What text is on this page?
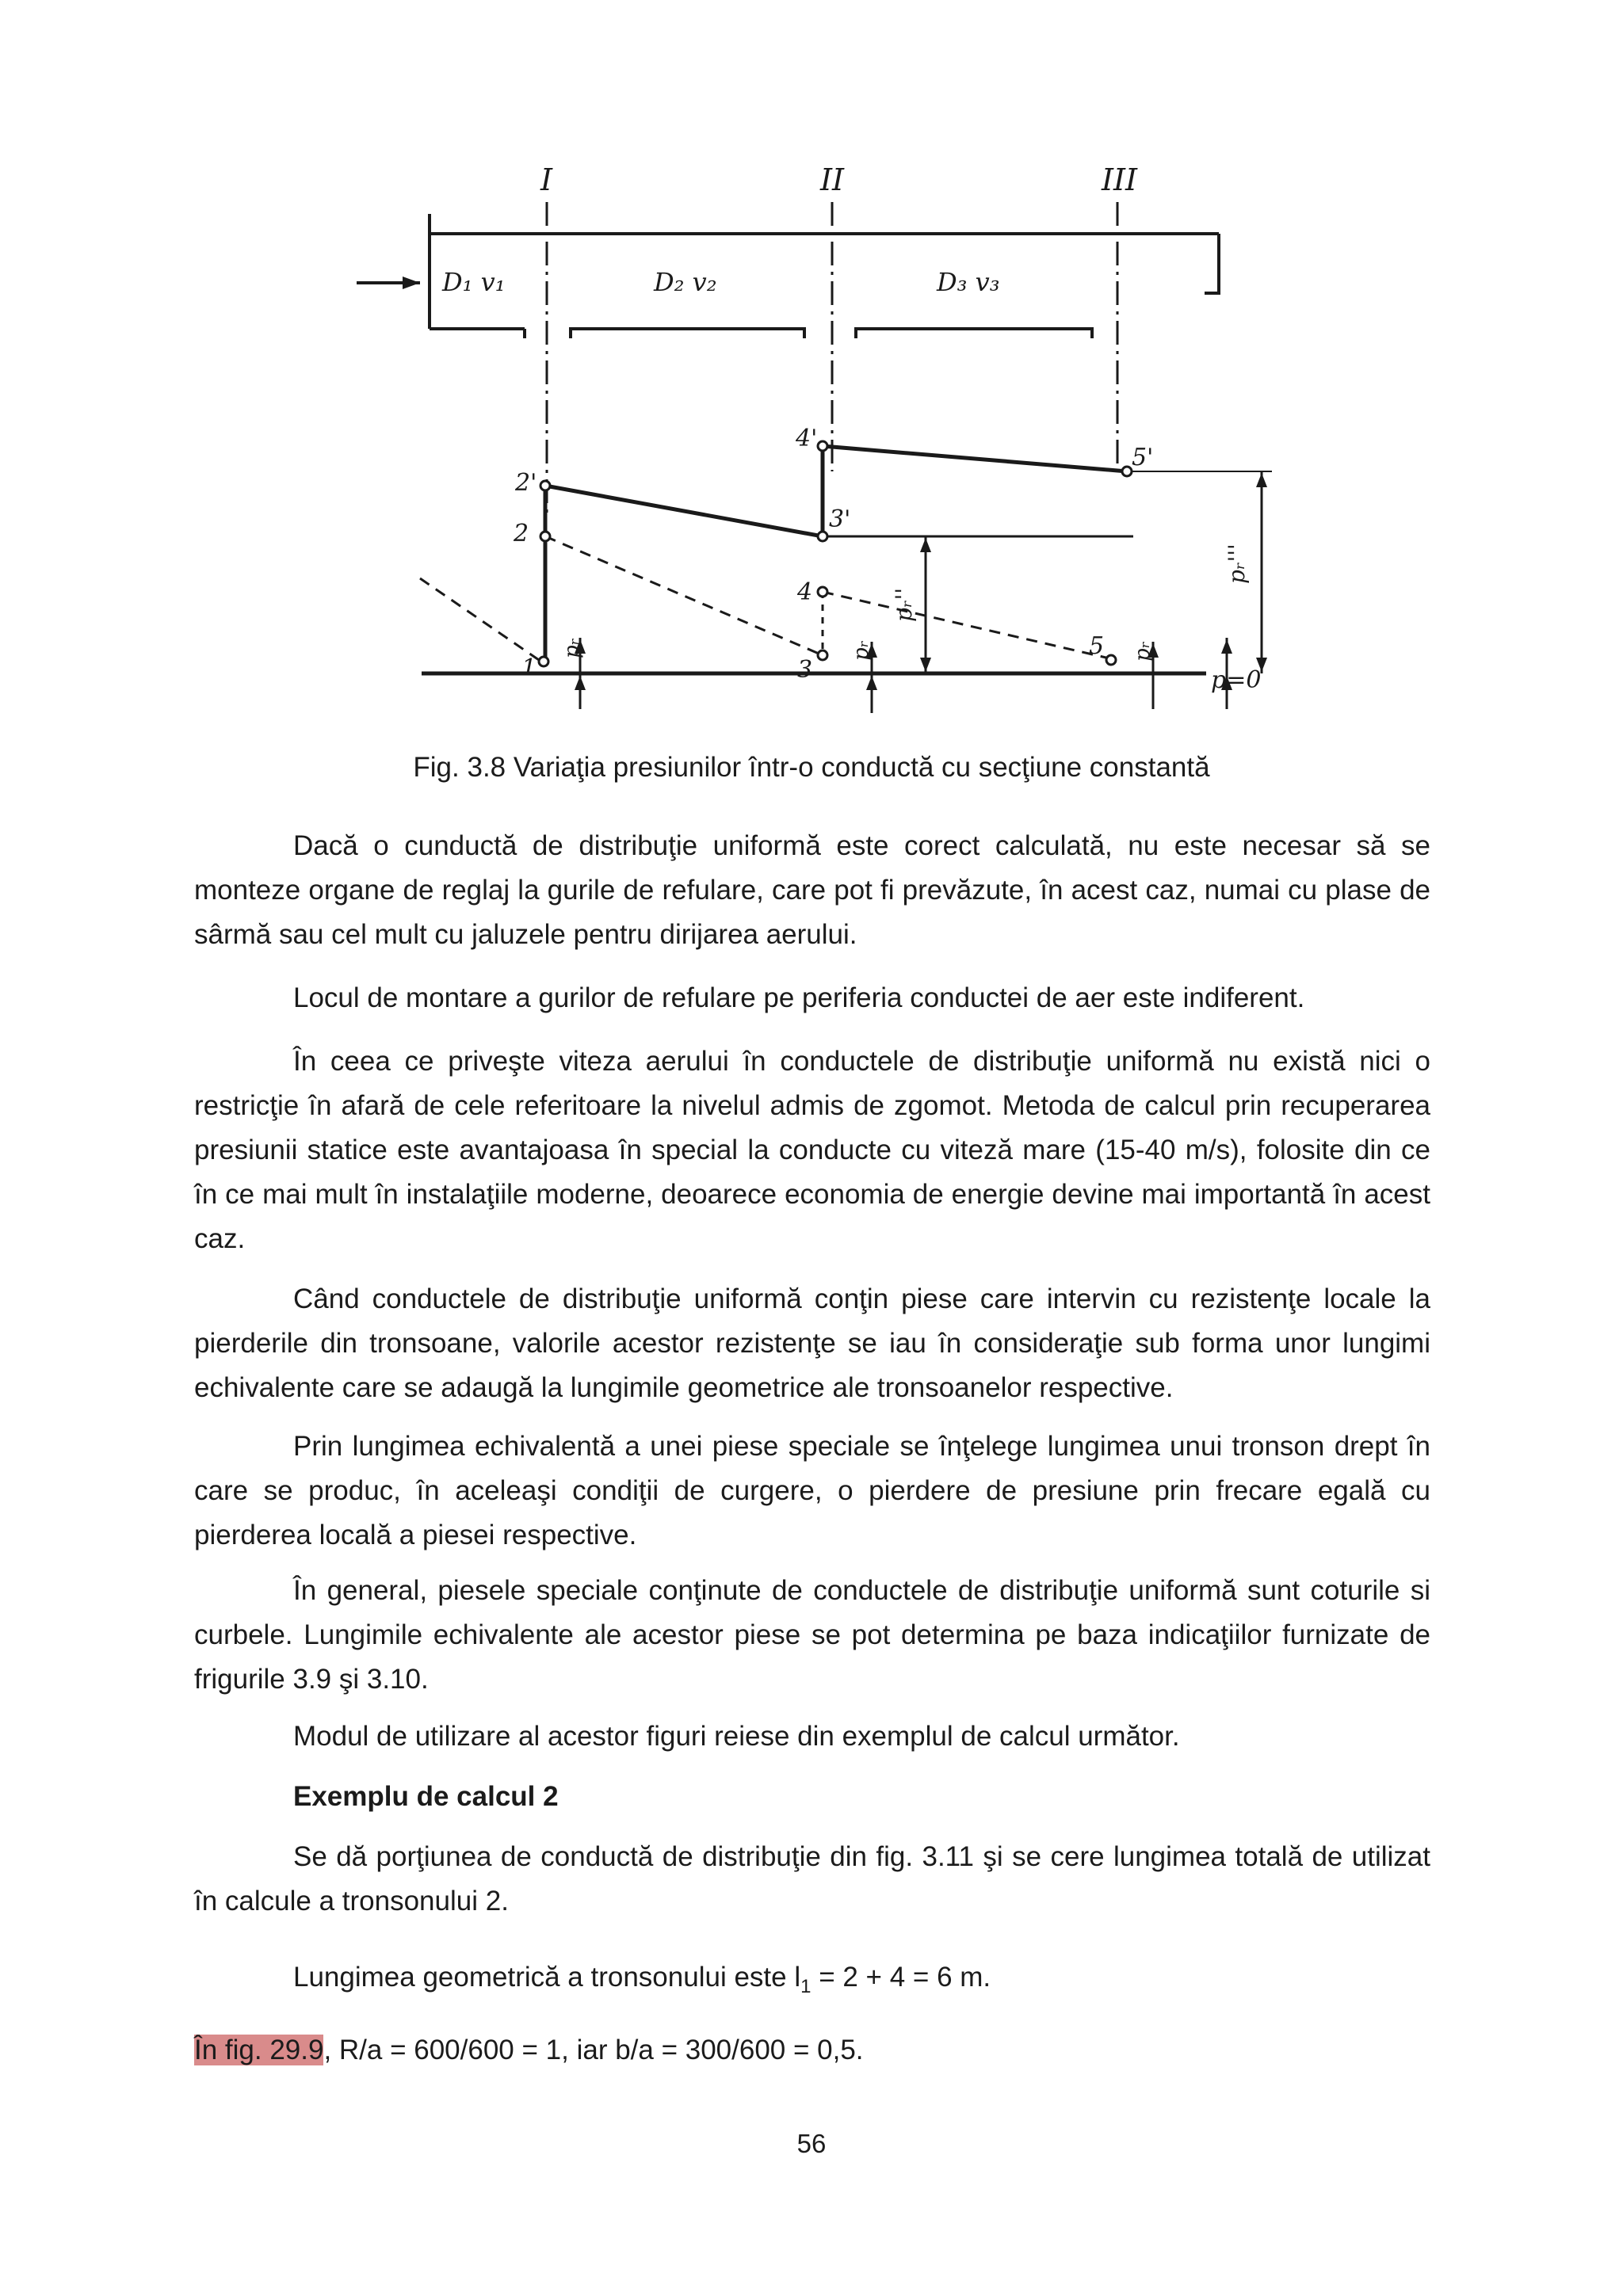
I	II	III
D₁ v₁	D₂ v₂	D₃ v₃
1
2
2'
3
3'
4
4'
5
5'
pᵣ	pᵣ	pᵣ
pᵣ''
pᵣ'''
p=0
Fig. 3.8 Variaţia presiunilor într-o conductă cu secţiune constantă

Dacă o cunductă de distribuţie uniformă este corect calculată, nu este necesar să se monteze organe de reglaj la gurile de refulare, care pot fi prevăzute, în acest caz, numai cu plase de sârmă sau cel mult cu jaluzele pentru dirijarea aerului.

Locul de montare a gurilor de refulare pe periferia conductei de aer este indiferent.

În ceea ce priveşte viteza aerului în conductele de distribuţie uniformă nu există nici o restricţie în afară de cele referitoare la nivelul admis de zgomot. Metoda de calcul prin recuperarea presiunii statice este avantajoasa în special la conducte cu viteză mare (15-40 m/s), folosite din ce în ce mai mult în instalaţiile moderne, deoarece economia de energie devine mai importantă în acest caz.

Când conductele de distribuţie uniformă conţin piese care intervin cu rezistenţe locale la pierderile din tronsoane, valorile acestor rezistenţe se iau în consideraţie sub forma unor lungimi echivalente care se adaugă la lungimile geometrice ale tronsoanelor respective.

Prin lungimea echivalentă a unei piese speciale se înţelege lungimea unui tronson drept în care se produc, în aceleaşi condiţii de curgere, o pierdere de presiune prin frecare egală cu pierderea locală a piesei respective.

În general, piesele speciale conţinute de conductele de distribuţie uniformă sunt coturile si curbele. Lungimile echivalente ale acestor piese se pot determina pe baza indicaţiilor furnizate de frigurile 3.9 şi 3.10.

Modul de utilizare al acestor figuri reiese din exemplul de calcul următor.

Exemplu de calcul 2

Se dă porţiunea de conductă de distribuţie din fig. 3.11 şi se cere lungimea totală de utilizat în calcule a tronsonului 2.

Lungimea geometrică a tronsonului este $l_1 = 2 + 4 = 6$ m.
În fig. 29.9, R/a = 600/600 = 1, iar b/a = 300/600 = 0,5.
56
